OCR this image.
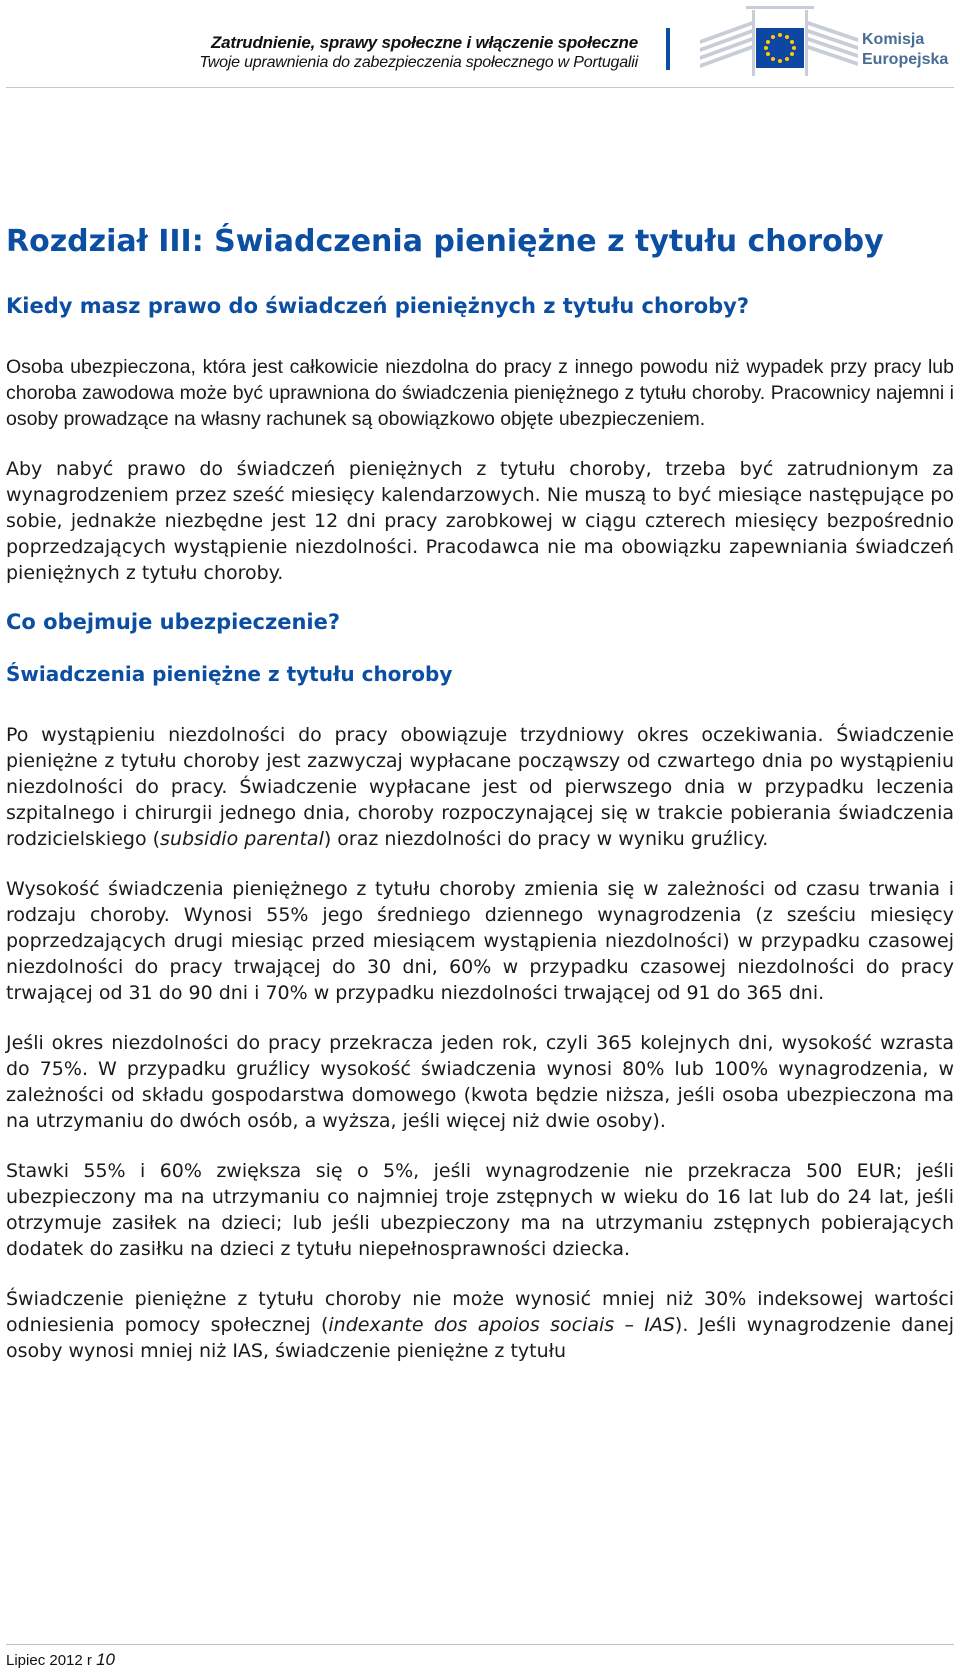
Zatrudnienie, sprawy społeczne i włączenie społeczne
Twoje uprawnienia do zabezpieczenia społecznego w Portugalii
Komisja
Europejska
Rozdział III: Świadczenia pieniężne z tytułu choroby
Kiedy masz prawo do świadczeń pieniężnych z tytułu choroby?

Osoba ubezpieczona, która jest całkowicie niezdolna do pracy z innego powodu niż wypadek przy pracy lub choroba zawodowa może być uprawniona do świadczenia pieniężnego z tytułu choroby. Pracownicy najemni i osoby prowadzące na własny rachunek są obowiązkowo objęte ubezpieczeniem.

Aby nabyć prawo do świadczeń pieniężnych z tytułu choroby, trzeba być zatrudnionym za wynagrodzeniem przez sześć miesięcy kalendarzowych. Nie muszą to być miesiące następujące po sobie, jednakże niezbędne jest 12 dni pracy zarobkowej w ciągu czterech miesięcy bezpośrednio poprzedzających wystąpienie niezdolności. Pracodawca nie ma obowiązku zapewniania świadczeń pieniężnych z tytułu choroby.

Co obejmuje ubezpieczenie?
Świadczenia pieniężne z tytułu choroby

Po wystąpieniu niezdolności do pracy obowiązuje trzydniowy okres oczekiwania. Świadczenie pieniężne z tytułu choroby jest zazwyczaj wypłacane począwszy od czwartego dnia po wystąpieniu niezdolności do pracy. Świadczenie wypłacane jest od pierwszego dnia w przypadku leczenia szpitalnego i chirurgii jednego dnia, choroby rozpoczynającej się w trakcie pobierania świadczenia rodzicielskiego (subsidio parental) oraz niezdolności do pracy w wyniku gruźlicy.

Wysokość świadczenia pieniężnego z tytułu choroby zmienia się w zależności od czasu trwania i rodzaju choroby. Wynosi 55% jego średniego dziennego wynagrodzenia (z sześciu miesięcy poprzedzających drugi miesiąc przed miesiącem wystąpienia niezdolności) w przypadku czasowej niezdolności do pracy trwającej do 30 dni, 60% w przypadku czasowej niezdolności do pracy trwającej od 31 do 90 dni i 70% w przypadku niezdolności trwającej od 91 do 365 dni.

Jeśli okres niezdolności do pracy przekracza jeden rok, czyli 365 kolejnych dni, wysokość wzrasta do 75%. W przypadku gruźlicy wysokość świadczenia wynosi 80% lub 100% wynagrodzenia, w zależności od składu gospodarstwa domowego (kwota będzie niższa, jeśli osoba ubezpieczona ma na utrzymaniu do dwóch osób, a wyższa, jeśli więcej niż dwie osoby).

Stawki 55% i 60% zwiększa się o 5%, jeśli wynagrodzenie nie przekracza 500 EUR; jeśli ubezpieczony ma na utrzymaniu co najmniej troje zstępnych w wieku do 16 lat lub do 24 lat, jeśli otrzymuje zasiłek na dzieci; lub jeśli ubezpieczony ma na utrzymaniu zstępnych pobierających dodatek do zasiłku na dzieci z tytułu niepełnosprawności dziecka.

Świadczenie pieniężne z tytułu choroby nie może wynosić mniej niż 30% indeksowej wartości odniesienia pomocy społecznej (indexante dos apoios sociais – IAS). Jeśli wynagrodzenie danej osoby wynosi mniej niż IAS, świadczenie pieniężne z tytułu

Lipiec 2012 r 10
